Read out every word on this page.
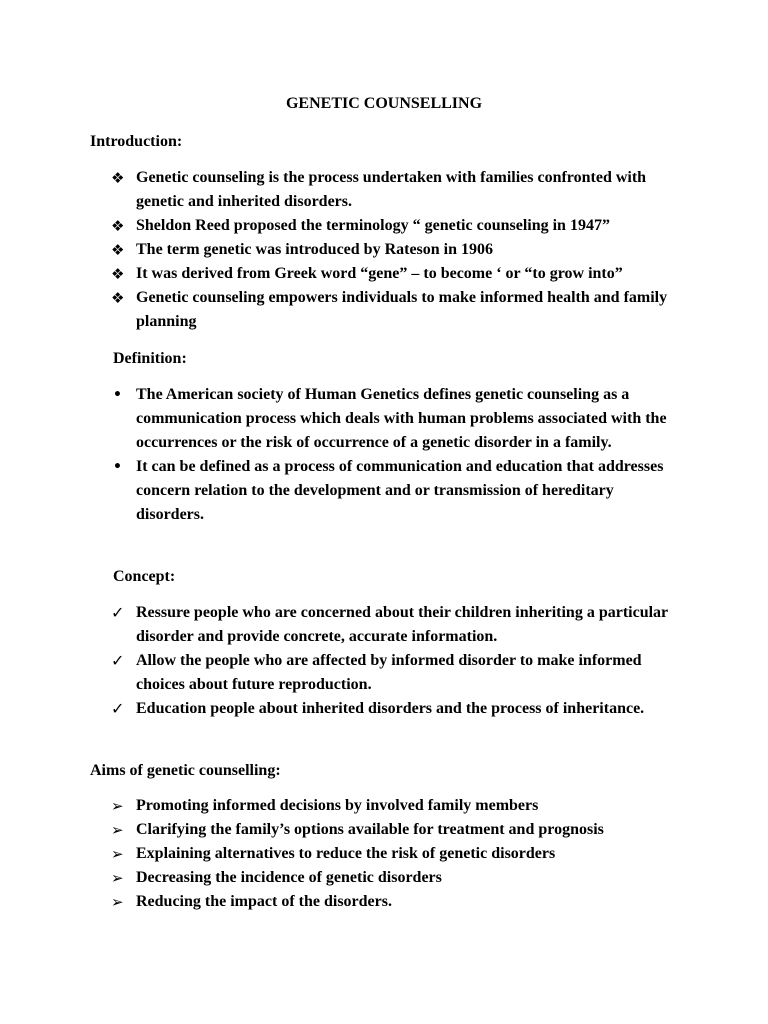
GENETIC COUNSELLING
Introduction:
❖ Genetic counseling is the process undertaken with families confronted with genetic and inherited disorders.
❖ Sheldon Reed proposed the terminology “ genetic counseling in 1947”
❖ The term genetic was introduced by Rateson in 1906
❖ It was derived from Greek word “gene” – to become ‘ or “to grow into”
❖ Genetic counseling empowers individuals to make informed health and family planning
Definition:
• The American society of Human Genetics defines genetic counseling as a communication process which deals with human problems associated with the occurrences or the risk of occurrence of a genetic disorder in a family.
• It can be defined as a process of communication and education that addresses concern relation to the development and or transmission of hereditary disorders.
Concept:
✓ Ressure people who are concerned about their children inheriting a particular disorder and provide concrete, accurate information.
✓ Allow the people who are affected by informed disorder to make informed choices about future reproduction.
✓ Education people about inherited disorders and the process of inheritance.
Aims of genetic counselling:
➢ Promoting informed decisions by involved family members
➢ Clarifying the family’s options available for treatment and prognosis
➢ Explaining alternatives to reduce the risk of genetic disorders
➢ Decreasing the incidence of genetic disorders
➢ Reducing the impact of the disorders.
